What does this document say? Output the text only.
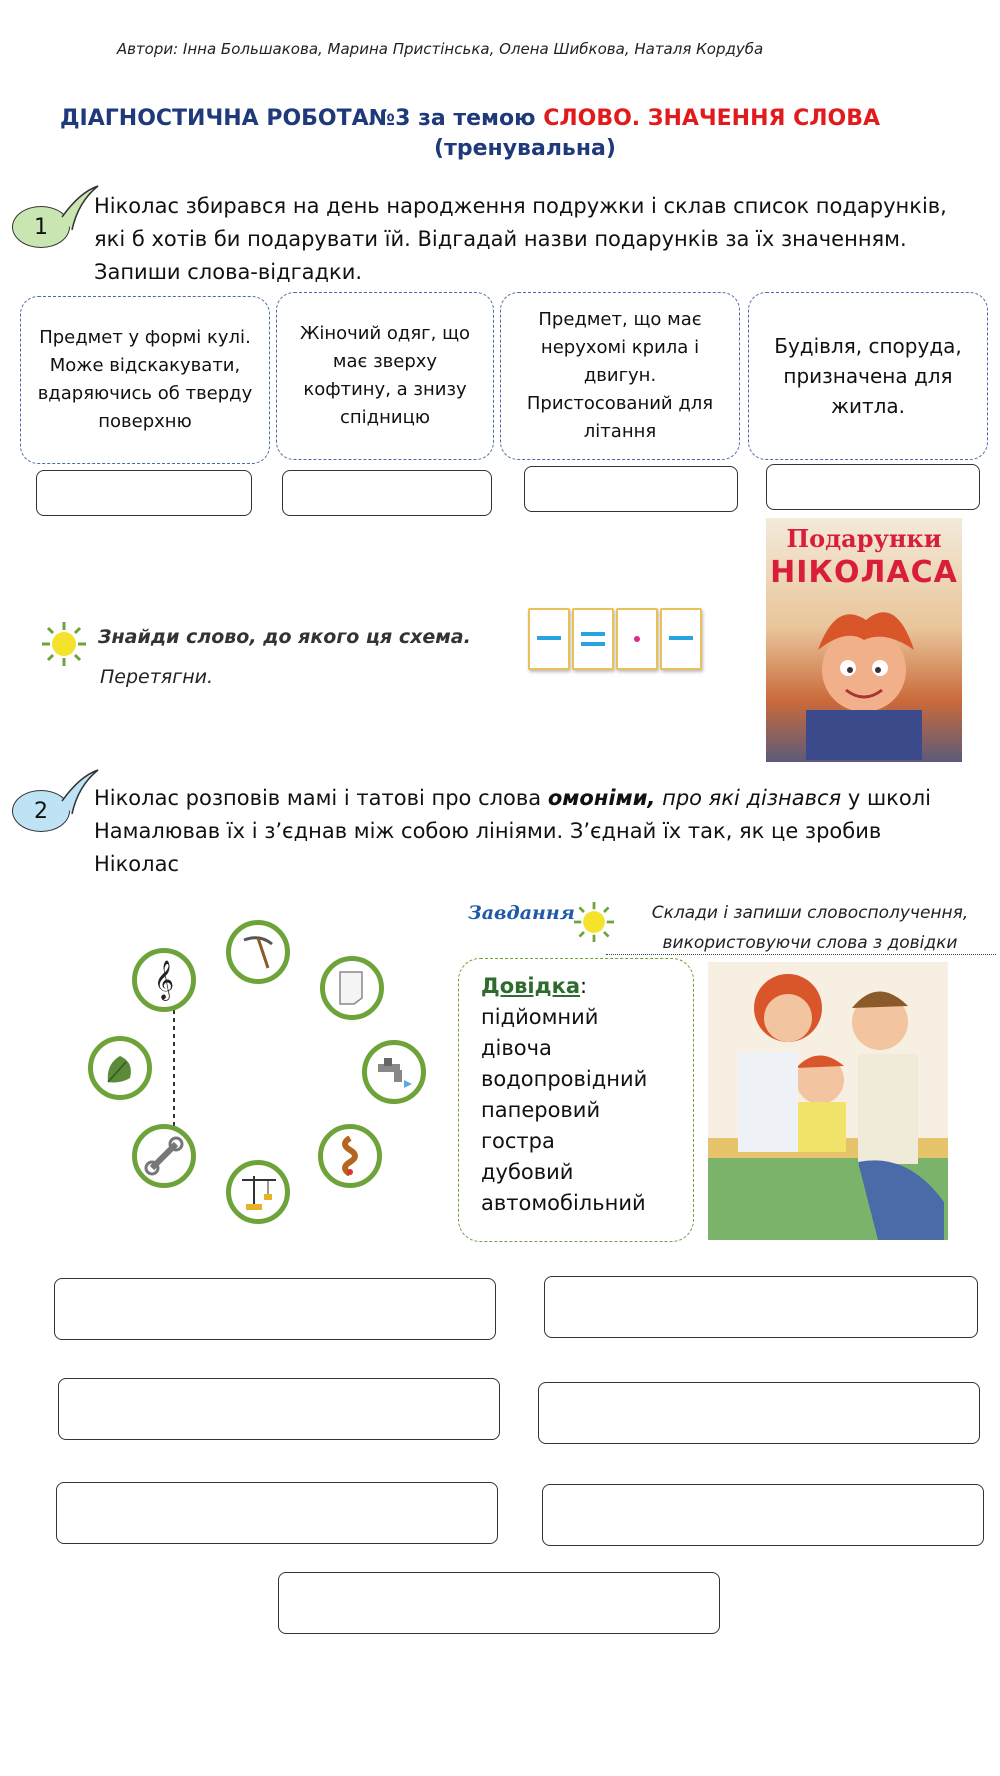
Автори: Інна Большакова, Марина Пристінська, Олена Шибкова, Наталя Кордуба
ДІАГНОСТИЧНА РОБОТА№3 за темою СЛОВО. ЗНАЧЕННЯ СЛОВА
(тренувальна)
1
Ніколас збирався на день народження подружки і склав список подарунків, які б хотів би подарувати їй. Відгадай назви подарунків за їх значенням. Запиши слова-відгадки.
Предмет у формі кулі. Може відскакувати, вдаряючись об тверду поверхню
Жіночий одяг, що має зверху кофтину, а знизу спідницю
Предмет, що має нерухомі крила і двигун. Пристосований для літання
Будівля, споруда, призначена для житла.
Знайди слово, до якого ця схема.
Перетягни.
Подарунки
НІКОЛАСА
2
Ніколас розповів мамі і татові про слова омоніми, про які дізнався у школі Намалював їх і з’єднав між собою лініями. З’єднай їх так, як це зробив Ніколас
Завдання	Склади і запиши словосполучення, використовуючи слова з довідки
𝄞	Довідка:
підйомний
дівоча
водопровідний
паперовий
гостра
дубовий
автомобільний
